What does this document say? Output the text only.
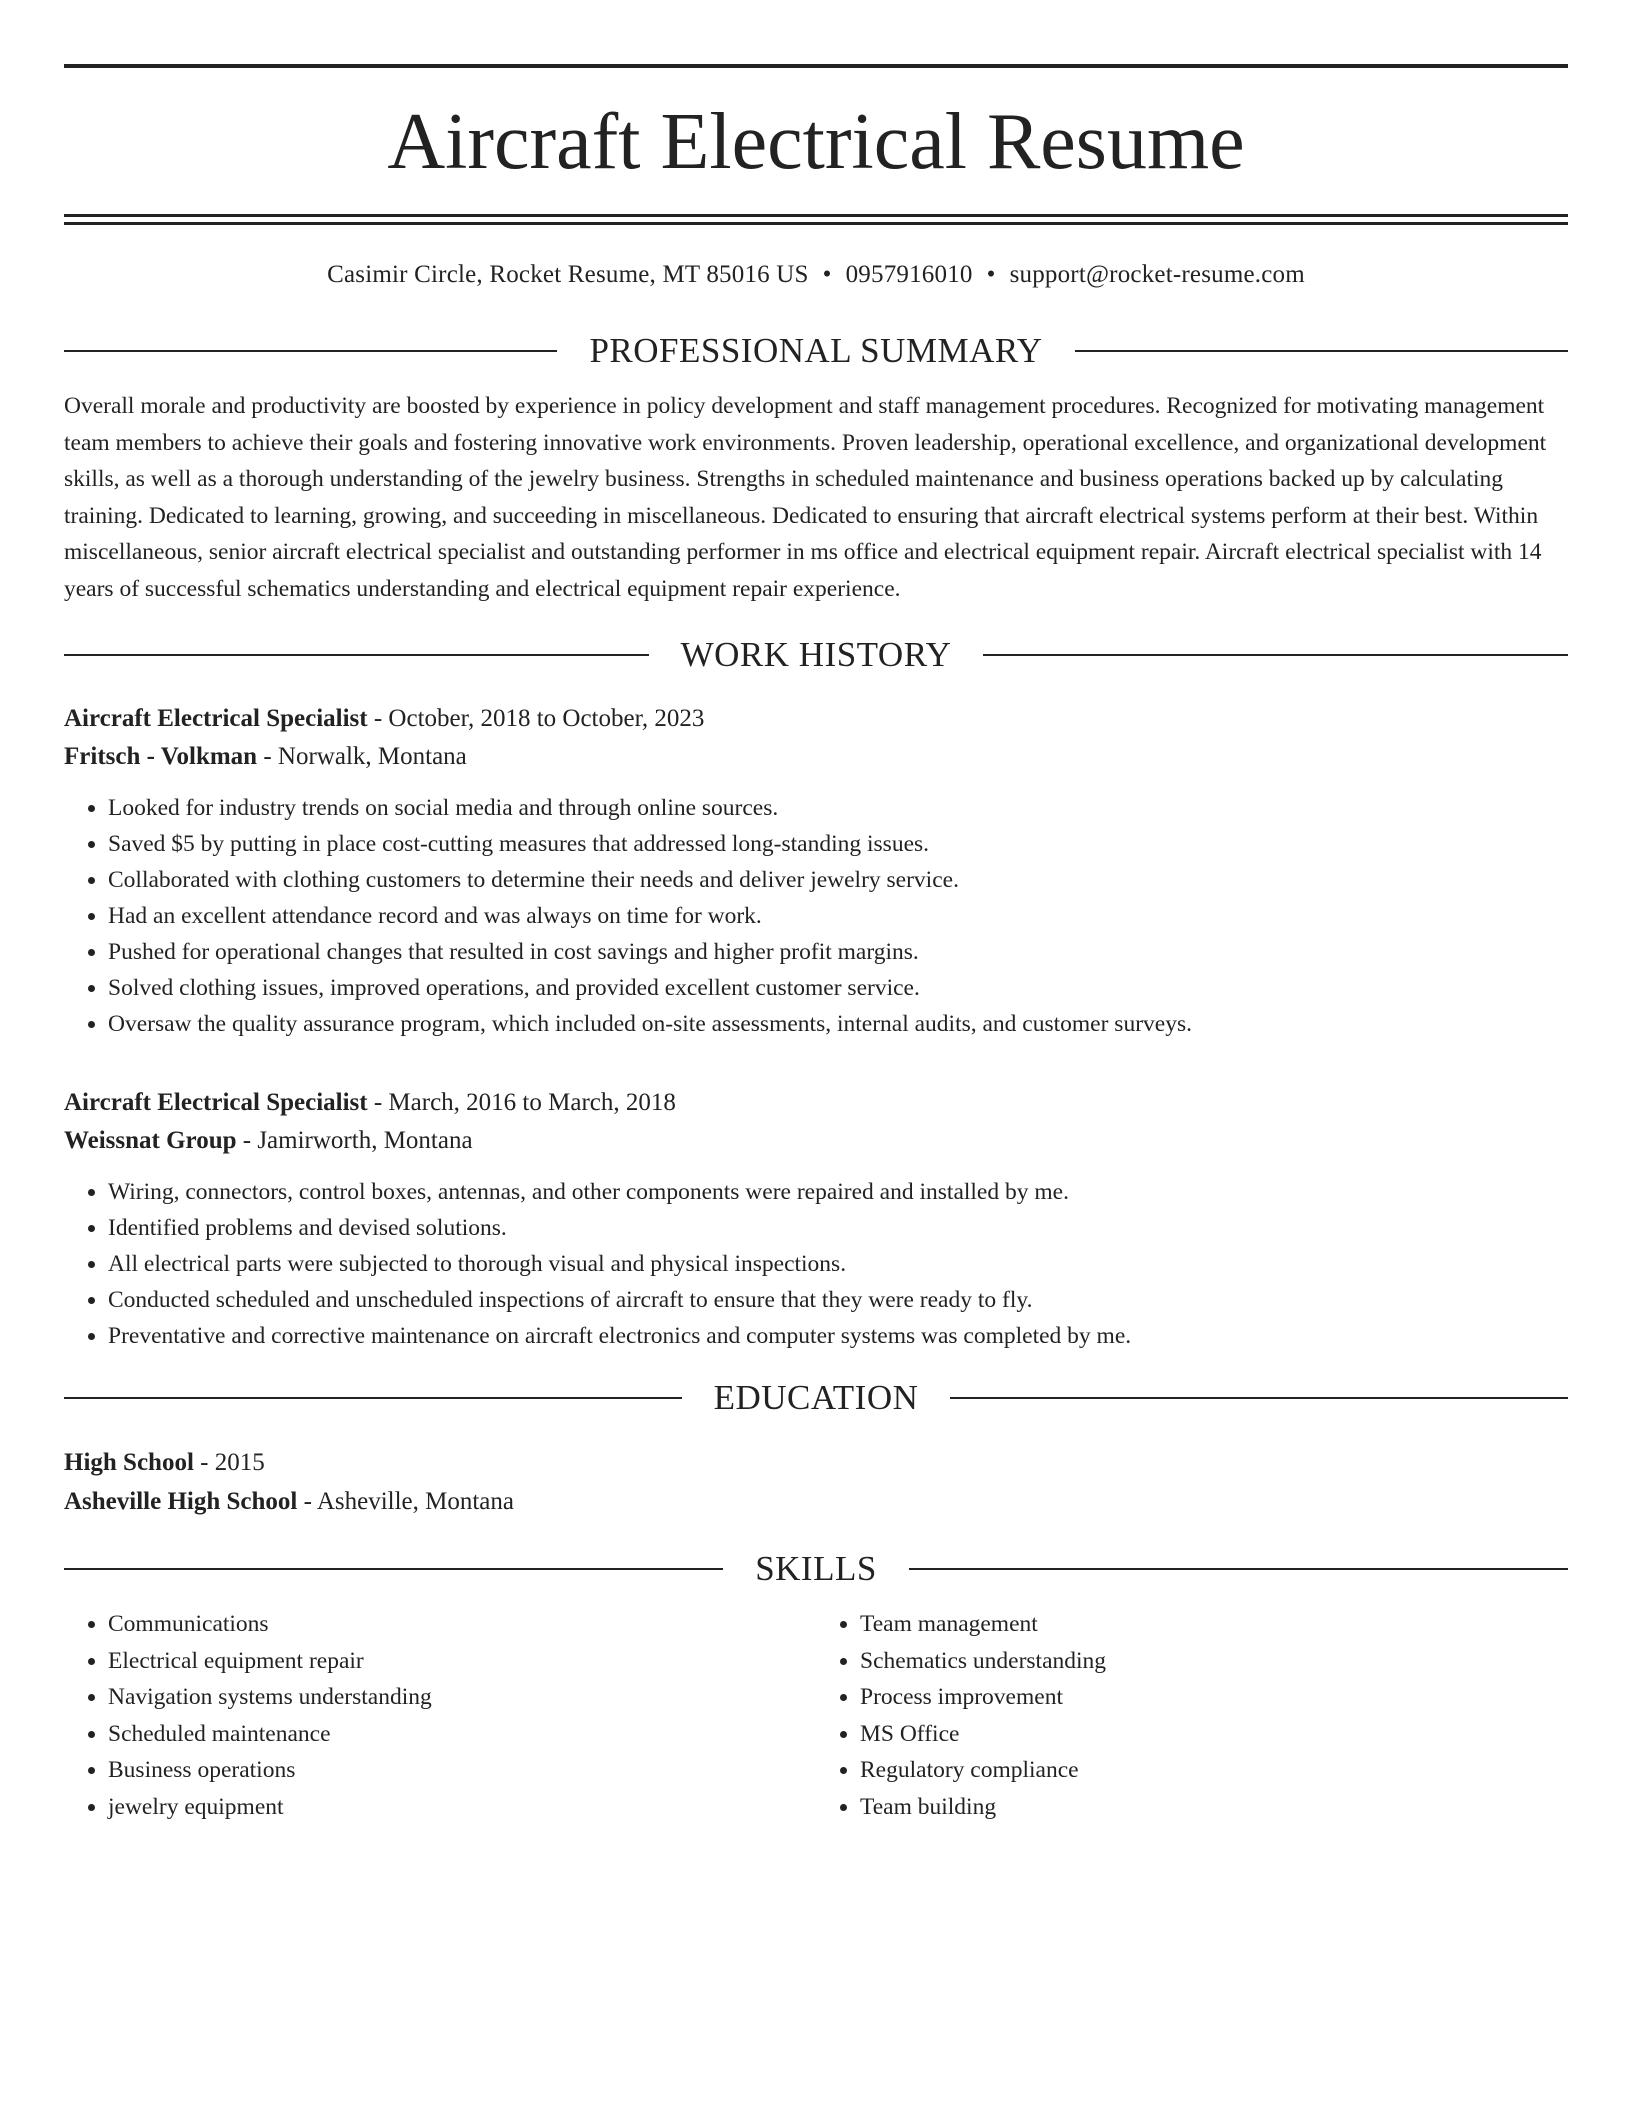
Aircraft Electrical Resume
Casimir Circle, Rocket Resume, MT 85016 US • 0957916010 • support@rocket-resume.com
PROFESSIONAL SUMMARY
Overall morale and productivity are boosted by experience in policy development and staff management procedures. Recognized for motivating management team members to achieve their goals and fostering innovative work environments. Proven leadership, operational excellence, and organizational development skills, as well as a thorough understanding of the jewelry business. Strengths in scheduled maintenance and business operations backed up by calculating training. Dedicated to learning, growing, and succeeding in miscellaneous. Dedicated to ensuring that aircraft electrical systems perform at their best. Within miscellaneous, senior aircraft electrical specialist and outstanding performer in ms office and electrical equipment repair. Aircraft electrical specialist with 14 years of successful schematics understanding and electrical equipment repair experience.
WORK HISTORY
Aircraft Electrical Specialist - October, 2018 to October, 2023
Fritsch - Volkman - Norwalk, Montana
• Looked for industry trends on social media and through online sources.
• Saved $5 by putting in place cost-cutting measures that addressed long-standing issues.
• Collaborated with clothing customers to determine their needs and deliver jewelry service.
• Had an excellent attendance record and was always on time for work.
• Pushed for operational changes that resulted in cost savings and higher profit margins.
• Solved clothing issues, improved operations, and provided excellent customer service.
• Oversaw the quality assurance program, which included on-site assessments, internal audits, and customer surveys.
Aircraft Electrical Specialist - March, 2016 to March, 2018
Weissnat Group - Jamirworth, Montana
• Wiring, connectors, control boxes, antennas, and other components were repaired and installed by me.
• Identified problems and devised solutions.
• All electrical parts were subjected to thorough visual and physical inspections.
• Conducted scheduled and unscheduled inspections of aircraft to ensure that they were ready to fly.
• Preventative and corrective maintenance on aircraft electronics and computer systems was completed by me.
EDUCATION
High School - 2015
Asheville High School - Asheville, Montana
SKILLS
• Communications
• Electrical equipment repair
• Navigation systems understanding
• Scheduled maintenance
• Business operations
• jewelry equipment
• Team management
• Schematics understanding
• Process improvement
• MS Office
• Regulatory compliance
• Team building
